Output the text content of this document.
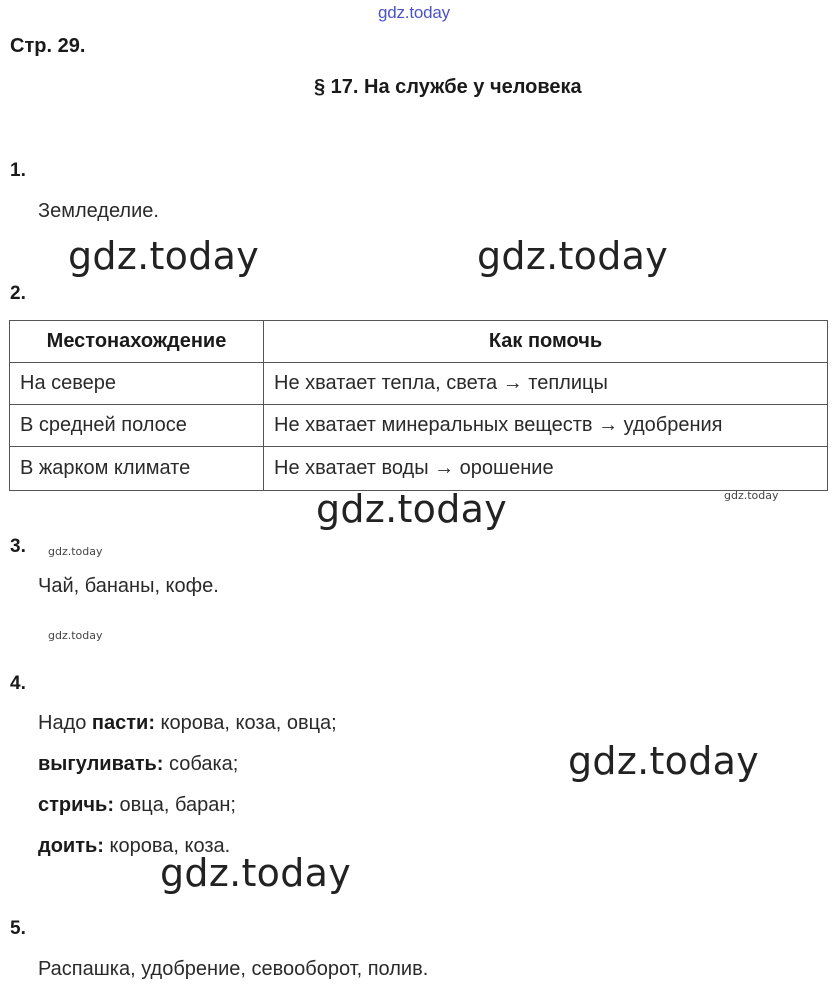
gdz.today
Стр. 29.
§ 17. На службе у человека
1.
Земледелие.
gdz.today	gdz.today
2.
Местонахождение	Как помочь
На севере	Не хватает тепла, света → теплицы
В средней полосе	Не хватает минеральных веществ → удобрения
В жарком климате	Не хватает воды → орошение
gdz.today	gdz.today
3. gdz.today
Чай, бананы, кофе.
gdz.today
4.
Надо пасти: корова, коза, овца;
выгуливать: собака;
стричь: овца, баран;
доить: корова, коза.
gdz.today
gdz.today
5.
Распашка, удобрение, севооборот, полив.
